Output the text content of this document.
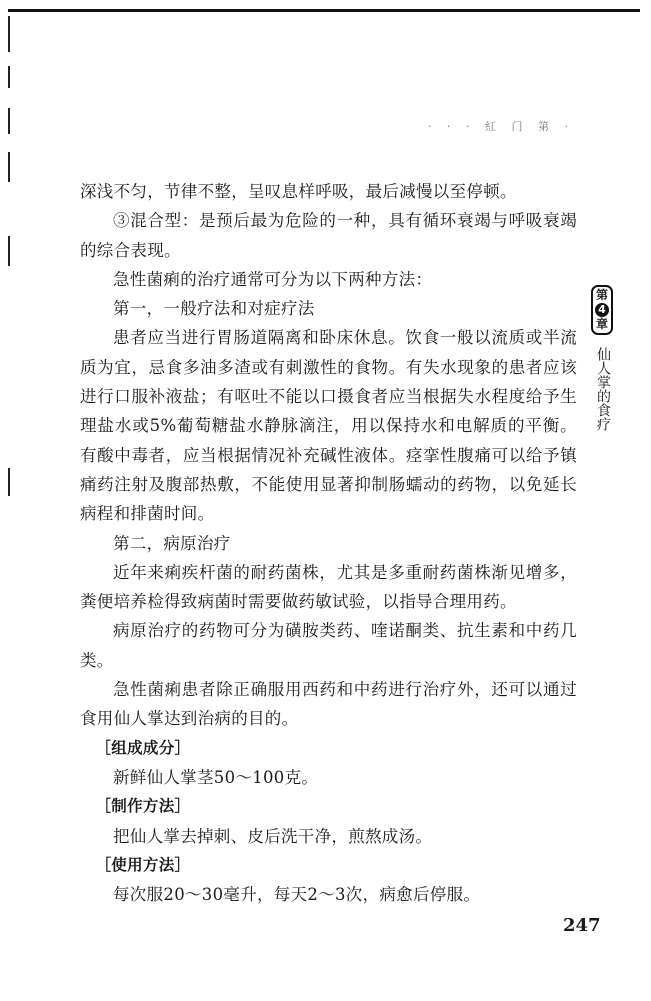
· · · 紅 门 第 ·
第
4
章
仙人掌的食疗

深浅不匀，节律不整，呈叹息样呼吸，最后减慢以至停顿。

③混合型：是预后最为危险的一种，具有循环衰竭与呼吸衰竭的综合表现。

急性菌痢的治疗通常可分为以下两种方法：

第一，一般疗法和对症疗法

患者应当进行胃肠道隔离和卧床休息。饮食一般以流质或半流质为宜，忌食多油多渣或有刺激性的食物。有失水现象的患者应该进行口服补液盐；有呕吐不能以口摄食者应当根据失水程度给予生理盐水或5%葡萄糖盐水静脉滴注，用以保持水和电解质的平衡。有酸中毒者，应当根据情况补充碱性液体。痉挛性腹痛可以给予镇痛药注射及腹部热敷，不能使用显著抑制肠蠕动的药物，以免延长病程和排菌时间。

第二，病原治疗

近年来痢疾杆菌的耐药菌株，尤其是多重耐药菌株渐见增多，粪便培养检得致病菌时需要做药敏试验，以指导合理用药。

病原治疗的药物可分为磺胺类药、喹诺酮类、抗生素和中药几类。

急性菌痢患者除正确服用西药和中药进行治疗外，还可以通过食用仙人掌达到治病的目的。

［组成成分］

新鲜仙人掌茎50～100克。

［制作方法］

把仙人掌去掉刺、皮后洗干净，煎熬成汤。

［使用方法］

每次服20～30毫升，每天2～3次，病愈后停服。

247
